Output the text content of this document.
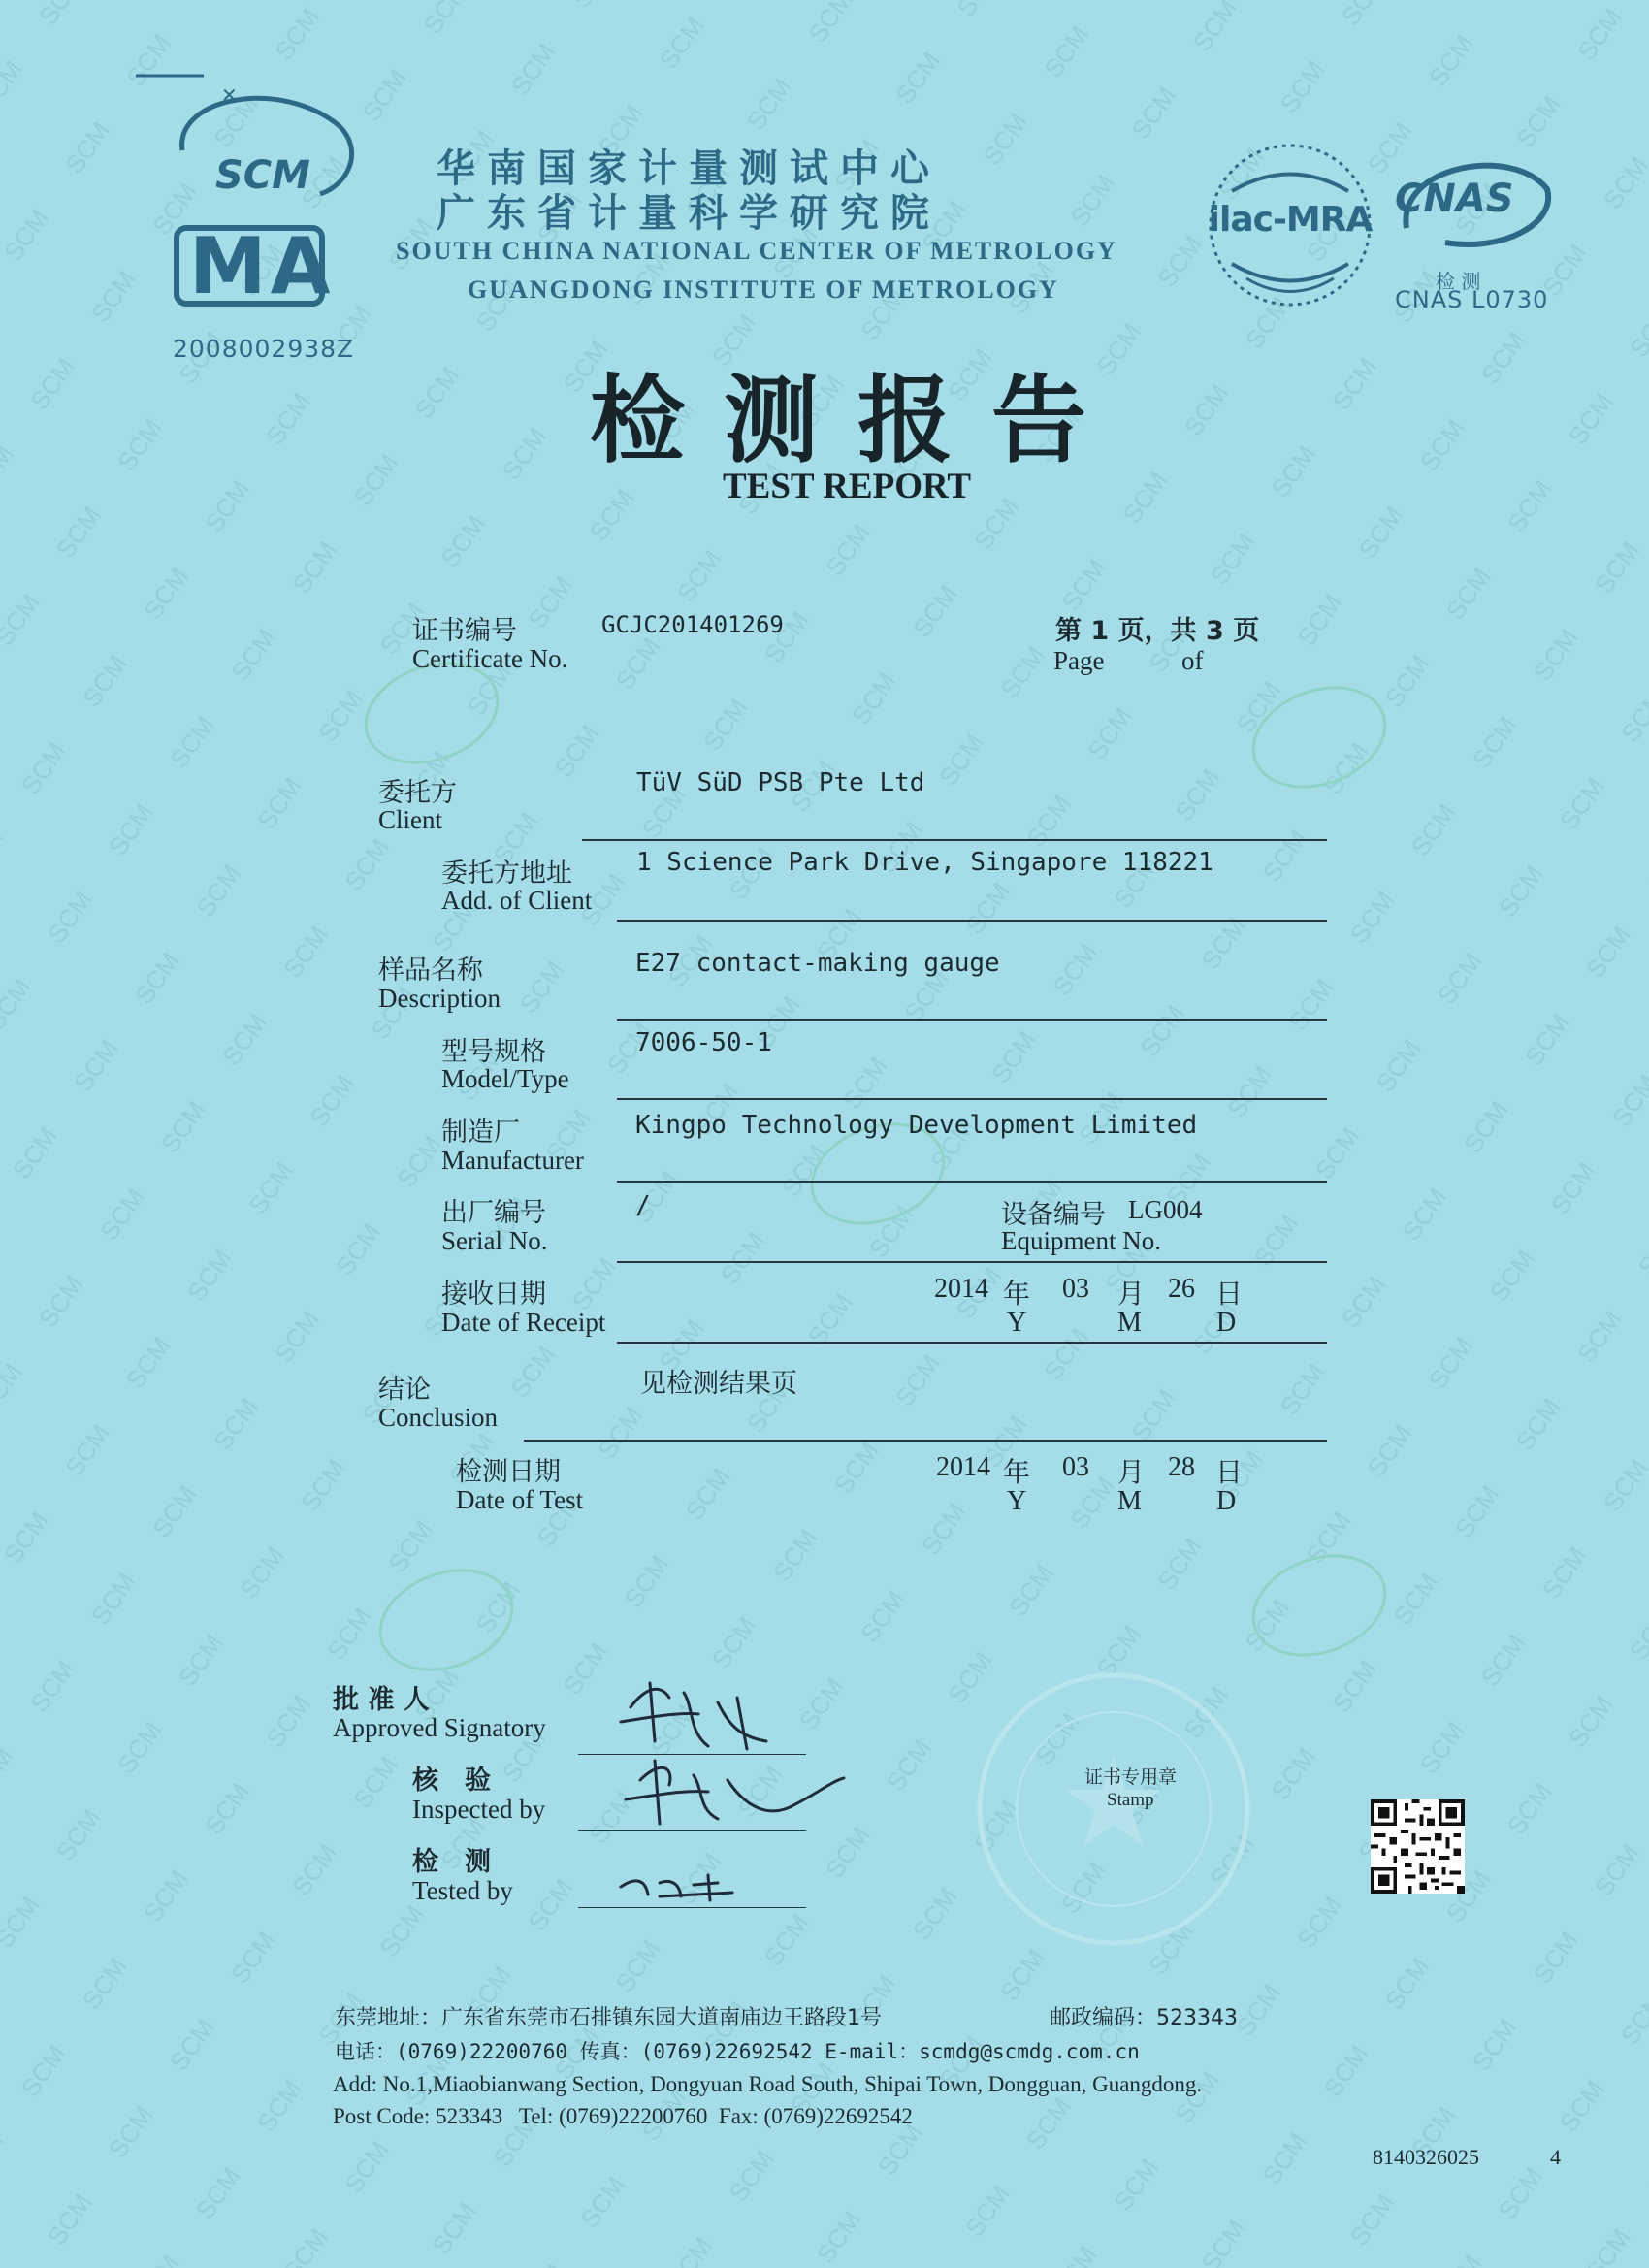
✕
SCM
MA
2008002938Z
华南国家计量测试中心
广东省计量科学研究院
SOUTH CHINA NATIONAL CENTER OF METROLOGY
GUANGDONG INSTITUTE OF METROLOGY
ilac-MRA CNAS
检 测
CNAS L0730
检测报告
TEST REPORT
证书编号
Certificate No.
GCJC201401269	第 1 页，共 3 页
Page	of
委托方
Client
TüV SüD PSB Pte Ltd
委托方地址
Add. of Client
1 Science Park Drive, Singapore 118221
样品名称
Description
E27 contact-making gauge
型号规格
Model/Type
7006-50-1
制造厂
Manufacturer
Kingpo Technology Development Limited
出厂编号
Serial No.
/	设备编号
Equipment No.
LG004
接收日期
Date of Receipt
2014 年 03 月 26 日
Y	M	D
结论
Conclusion
见检测结果页
检测日期
Date of Test
2014 年 03 月 28 日
Y	M	D
批 准 人
Approved Signatory
核　验
Inspected by
检　测
Tested by
证书专用章
Stamp
东莞地址：广东省东莞市石排镇东园大道南庙边王路段1号	邮政编码：523343
电话：(0769)22200760 传真：(0769)22692542 E-mail：scmdg@scmdg.com.cn
Add: No.1,Miaobianwang Section, Dongyuan Road South, Shipai Town, Dongguan, Guangdong.
Post Code: 523343   Tel: (0769)22200760  Fax: (0769)22692542
8140326025	4
